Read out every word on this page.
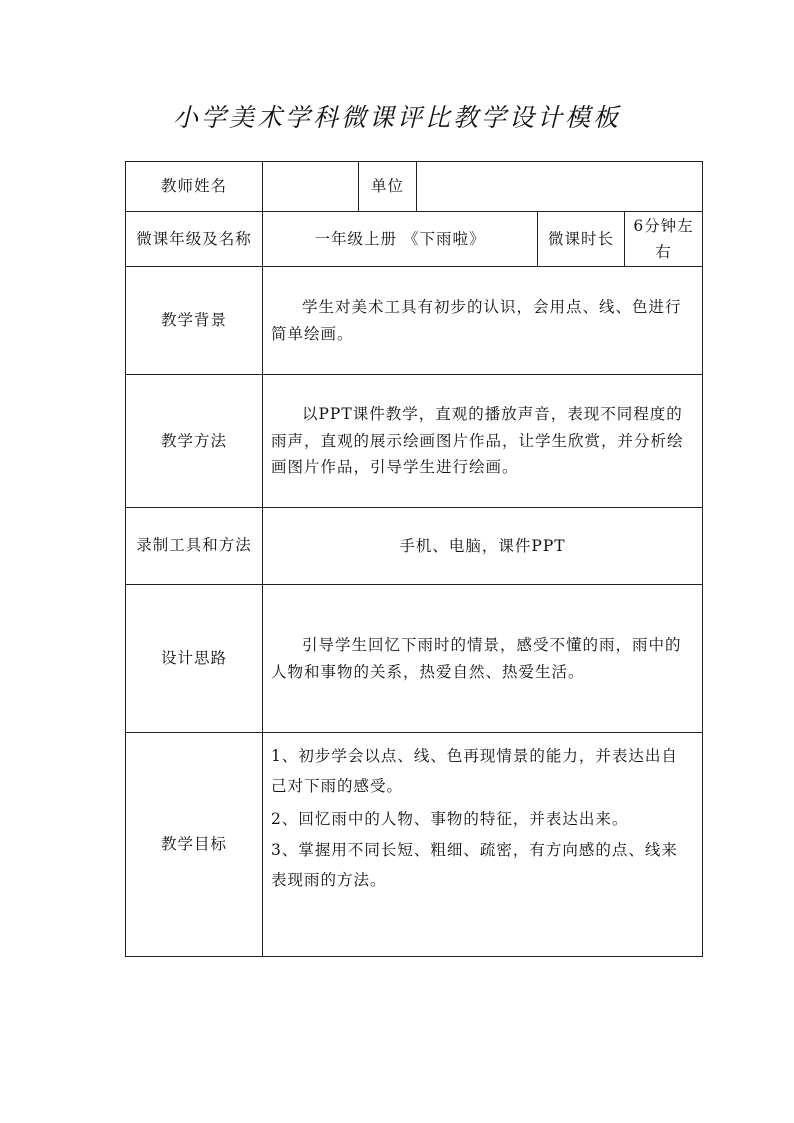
小学美术学科微课评比教学设计模板
教师姓名		单位			
微课年级及名称	一年级上册 《下雨啦》			微课时长	6分钟左右
教学背景	学生对美术工具有初步的认识，会用点、线、色进行简单绘画。				
教学方法	以PPT课件教学，直观的播放声音，表现不同程度的雨声，直观的展示绘画图片作品，让学生欣赏，并分析绘画图片作品，引导学生进行绘画。				
录制工具和方法	手机、电脑，课件PPT				
设计思路	引导学生回忆下雨时的情景，感受不懂的雨，雨中的人物和事物的关系，热爱自然、热爱生活。				
教学目标	1、初步学会以点、线、色再现情景的能力，并表达出自己对下雨的感受。

2、回忆雨中的人物、事物的特征，并表达出来。

3、掌握用不同长短、粗细、疏密，有方向感的点、线来表现雨的方法。				
